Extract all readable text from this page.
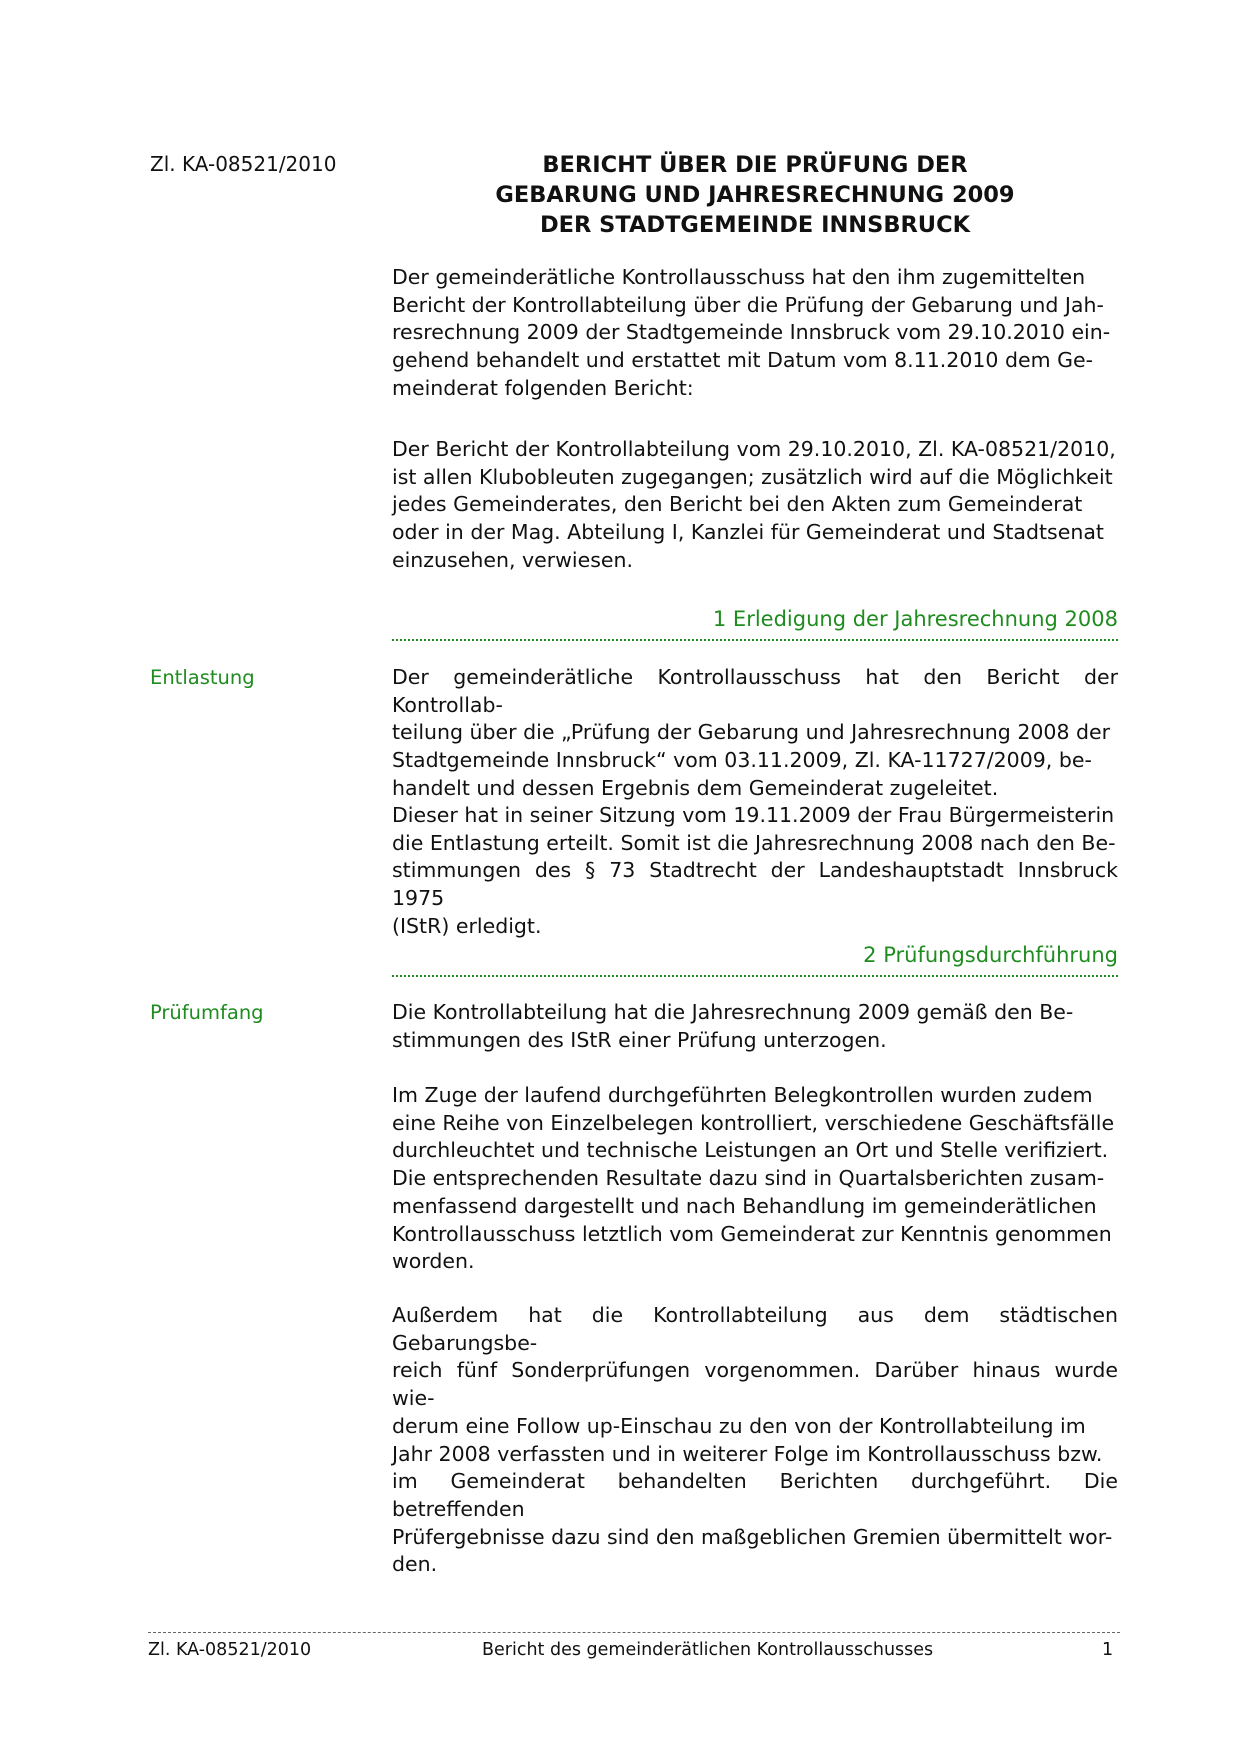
Zl. KA-08521/2010	BERICHT ÜBER DIE PRÜFUNG DER
GEBARUNG UND JAHRESRECHNUNG 2009
DER STADTGEMEINDE INNSBRUCK

Der gemeinderätliche Kontrollausschuss hat den ihm zugemittelten
Bericht der Kontrollabteilung über die Prüfung der Gebarung und Jah-
resrechnung 2009 der Stadtgemeinde Innsbruck vom 29.10.2010 ein-
gehend behandelt und erstattet mit Datum vom 8.11.2010 dem Ge-
meinderat folgenden Bericht:

Der Bericht der Kontrollabteilung vom 29.10.2010, Zl. KA-08521/2010,
ist allen Klubobleuten zugegangen; zusätzlich wird auf die Möglichkeit
jedes Gemeinderates, den Bericht bei den Akten zum Gemeinderat
oder in der Mag. Abteilung I, Kanzlei für Gemeinderat und Stadtsenat
einzusehen, verwiesen.

1 Erledigung der Jahresrechnung 2008
Entlastung	Der gemeinderätliche Kontrollausschuss hat den Bericht der Kontrollab-
teilung über die „Prüfung der Gebarung und Jahresrechnung 2008 der
Stadtgemeinde Innsbruck“ vom 03.11.2009, Zl. KA-11727/2009, be-
handelt und dessen Ergebnis dem Gemeinderat zugeleitet.

Dieser hat in seiner Sitzung vom 19.11.2009 der Frau Bürgermeisterin
die Entlastung erteilt. Somit ist die Jahresrechnung 2008 nach den Be-
stimmungen des § 73 Stadtrecht der Landeshauptstadt Innsbruck 1975
(IStR) erledigt.

2 Prüfungsdurchführung
Prüfumfang	Die Kontrollabteilung hat die Jahresrechnung 2009 gemäß den Be-
stimmungen des IStR einer Prüfung unterzogen.

Im Zuge der laufend durchgeführten Belegkontrollen wurden zudem
eine Reihe von Einzelbelegen kontrolliert, verschiedene Geschäftsfälle
durchleuchtet und technische Leistungen an Ort und Stelle verifiziert.
Die entsprechenden Resultate dazu sind in Quartalsberichten zusam-
menfassend dargestellt und nach Behandlung im gemeinderätlichen
Kontrollausschuss letztlich vom Gemeinderat zur Kenntnis genommen
worden.

Außerdem hat die Kontrollabteilung aus dem städtischen Gebarungsbe-
reich fünf Sonderprüfungen vorgenommen. Darüber hinaus wurde wie-
derum eine Follow up-Einschau zu den von der Kontrollabteilung im
Jahr 2008 verfassten und in weiterer Folge im Kontrollausschuss bzw.
im Gemeinderat behandelten Berichten durchgeführt. Die betreffenden
Prüfergebnisse dazu sind den maßgeblichen Gremien übermittelt wor-
den.

Zl. KA-08521/2010	Bericht des gemeinderätlichen Kontrollausschusses	1
